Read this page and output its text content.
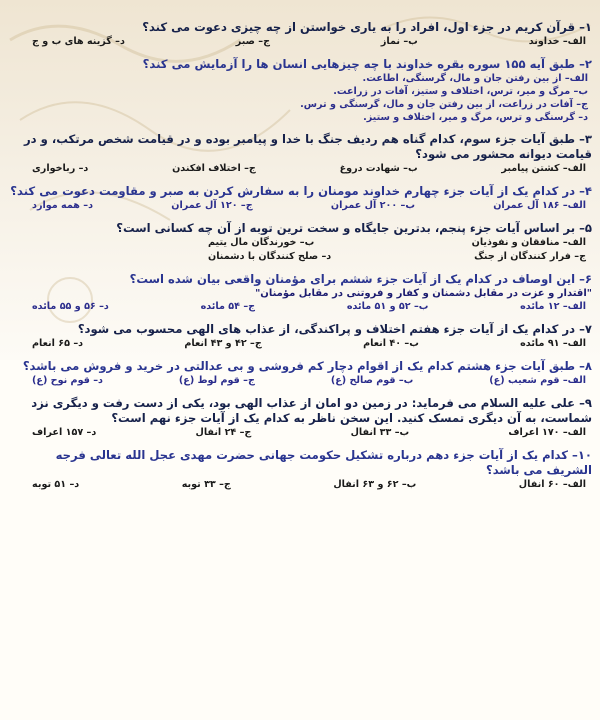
۱– قرآن کریم در جزء اول، افراد را به یاری خواستن از چه چیزی دعوت می کند؟

الف– خداوند
ب– نماز
ج– صبر
د– گزینه های ب و ج

۲– طبق آیه ۱۵۵ سوره بقره خداوند با چه چیزهایی انسان ها را آزمایش می کند؟

الف– از بین رفتن جان و مال، گرسنگی، اطاعت.
ب– مرگ و میر، ترس، اختلاف و ستیز، آفات در زراعت.
ج– آفات در زراعت، از بین رفتن جان و مال، گرسنگی و ترس.
د– گرسنگی و ترس، مرگ و میر، اختلاف و ستیز.

۳– طبق آیات جزء سوم، کدام گناه هم ردیف جنگ با خدا و پیامبر بوده و در قیامت شخص مرتکب، و در قیامت دیوانه محشور می شود؟

الف– کشتن پیامبر
ب– شهادت دروغ
ج– اختلاف افکندن
د– رباخواری

۴– در کدام یک از آیات جزء چهارم خداوند مومنان را به سفارش کردن به صبر و مقاومت دعوت می کند؟

الف– ۱۸۶ آل عمران
ب– ۲۰۰ آل عمران
ج– ۱۲۰ آل عمران
د– همه موارد

۵– بر اساس آیات جزء پنجم، بدترین جایگاه و سخت ترین توبه از آن چه کسانی است؟

الف– منافقان و نفوذیان
ب– خورندگان مال یتیم
ج– فرار کنندگان از جنگ
د– صلح کنندگان با دشمنان

۶– این اوصاف در کدام یک از آیات جزء ششم برای مؤمنان واقعی بیان شده است؟

"اقتدار و عزت در مقابل دشمنان و کفار و فروتنی در مقابل مؤمنان"
الف– ۱۲ مائده
ب– ۵۲ و ۵۱ مائده
ج– ۵۴ مائده
د– ۵۶ و ۵۵ مائده

۷– در کدام یک از آیات جزء هفتم اختلاف و پراکندگی، از عذاب های الهی محسوب می شود؟

الف– ۹۱ مائده
ب– ۴۰ انعام
ج– ۴۲ و ۴۳ انعام
د– ۶۵ انعام

۸– طبق آیات جزء هشتم کدام یک از اقوام دچار کم فروشی و بی عدالتی در خرید و فروش می باشد؟

الف– قوم شعیب (ع)
ب– قوم صالح (ع)
ج– قوم لوط (ع)
د– قوم نوح (ع)

۹– علی علیه السلام می فرماید: در زمین دو امان از عذاب الهی بود، یکی از دست رفت و دیگری نزد شماست، به آن دیگری تمسک کنید. این سخن ناظر به کدام یک از آیات جزء نهم است؟

الف– ۱۷۰ اعراف
ب– ۳۳ انفال
ج– ۲۴ انفال
د– ۱۵۷ اعراف

۱۰– کدام یک از آیات جزء دهم درباره تشکیل حکومت جهانی حضرت مهدی عجل الله تعالی فرجه الشریف می باشد؟

الف– ۶۰ انفال
ب– ۶۲ و ۶۳ انفال
ج– ۳۳ توبه
د– ۵۱ توبه
